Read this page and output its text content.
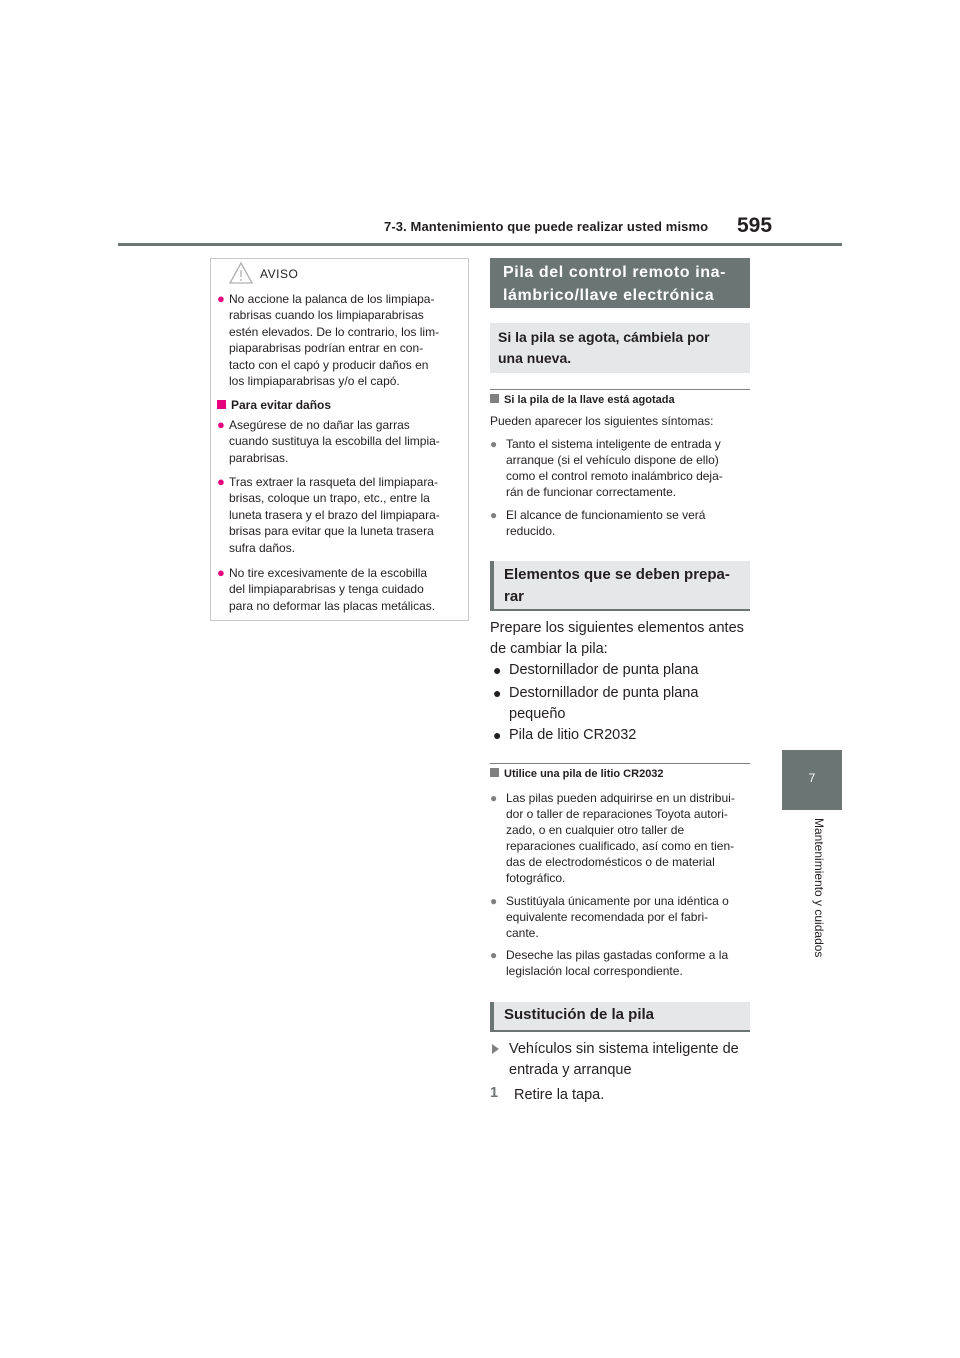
7-3. Mantenimiento que puede realizar usted mismo 595
7
Mantenimiento y cuidados
AVISO
● No accione la palanca de los limpiapa-
rabrisas cuando los limpiaparabrisas
estén elevados. De lo contrario, los lim-
piaparabrisas podrían entrar en con-
tacto con el capó y producir daños en
los limpiaparabrisas y/o el capó.
Para evitar daños
● Asegúrese de no dañar las garras
cuando sustituya la escobilla del limpia-
parabrisas.
● Tras extraer la rasqueta del limpiapara-
brisas, coloque un trapo, etc., entre la
luneta trasera y el brazo del limpiapara-
brisas para evitar que la luneta trasera
sufra daños.
● No tire excesivamente de la escobilla
del limpiaparabrisas y tenga cuidado
para no deformar las placas metálicas.
Pila del control remoto ina-
lámbrico/llave electrónica
Si la pila se agota, cámbiela por
una nueva.
Si la pila de la llave está agotada
Pueden aparecer los siguientes síntomas:
● Tanto el sistema inteligente de entrada y
arranque (si el vehículo dispone de ello)
como el control remoto inalámbrico deja-
rán de funcionar correctamente.
● El alcance de funcionamiento se verá
reducido.
Elementos que se deben prepa-
rar
Prepare los siguientes elementos antes
de cambiar la pila:
● Destornillador de punta plana
● Destornillador de punta plana
pequeño
● Pila de litio CR2032
Utilice una pila de litio CR2032
● Las pilas pueden adquirirse en un distribui-
dor o taller de reparaciones Toyota autori-
zado, o en cualquier otro taller de
reparaciones cualificado, así como en tien-
das de electrodomésticos o de material
fotográfico.
● Sustitúyala únicamente por una idéntica o
equivalente recomendada por el fabri-
cante.
● Deseche las pilas gastadas conforme a la
legislación local correspondiente.
Sustitución de la pila
Vehículos sin sistema inteligente de
entrada y arranque
1 Retire la tapa.
